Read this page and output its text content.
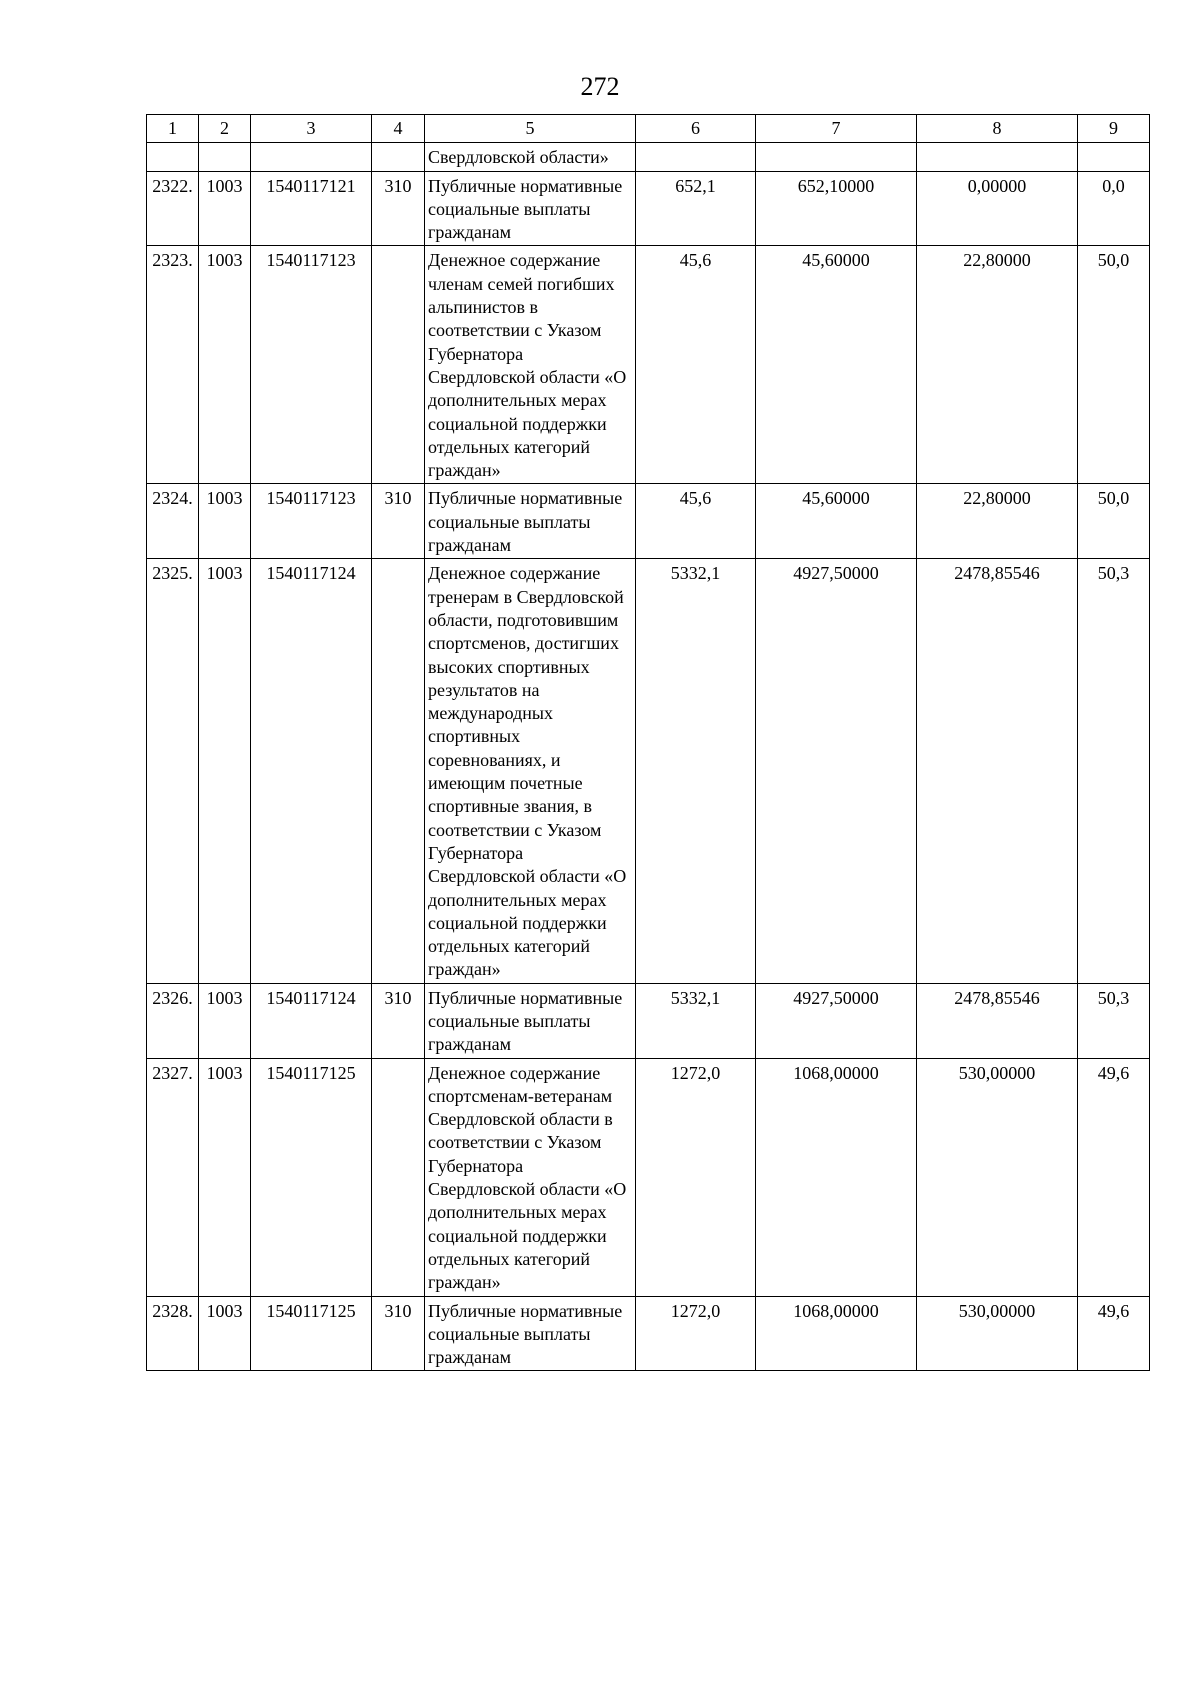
272
1	2	3	4	5	6	7	8	9
				Свердловской области»				
2322.	1003	1540117121	310	Публичные нормативные социальные выплаты гражданам	652,1	652,10000	0,00000	0,0
2323.	1003	1540117123		Денежное содержание членам семей погибших альпинистов в соответствии с Указом Губернатора Свердловской области «О дополнительных мерах социальной поддержки отдельных категорий граждан»	45,6	45,60000	22,80000	50,0
2324.	1003	1540117123	310	Публичные нормативные социальные выплаты гражданам	45,6	45,60000	22,80000	50,0
2325.	1003	1540117124		Денежное содержание тренерам в Свердловской области, подготовившим спортсменов, достигших высоких спортивных результатов на международных спортивных соревнованиях, и имеющим почетные спортивные звания, в соответствии с Указом Губернатора Свердловской области «О дополнительных мерах социальной поддержки отдельных категорий граждан»	5332,1	4927,50000	2478,85546	50,3
2326.	1003	1540117124	310	Публичные нормативные социальные выплаты гражданам	5332,1	4927,50000	2478,85546	50,3
2327.	1003	1540117125		Денежное содержание спортсменам-ветеранам Свердловской области в соответствии с Указом Губернатора Свердловской области «О дополнительных мерах социальной поддержки отдельных категорий граждан»	1272,0	1068,00000	530,00000	49,6
2328.	1003	1540117125	310	Публичные нормативные социальные выплаты гражданам	1272,0	1068,00000	530,00000	49,6
